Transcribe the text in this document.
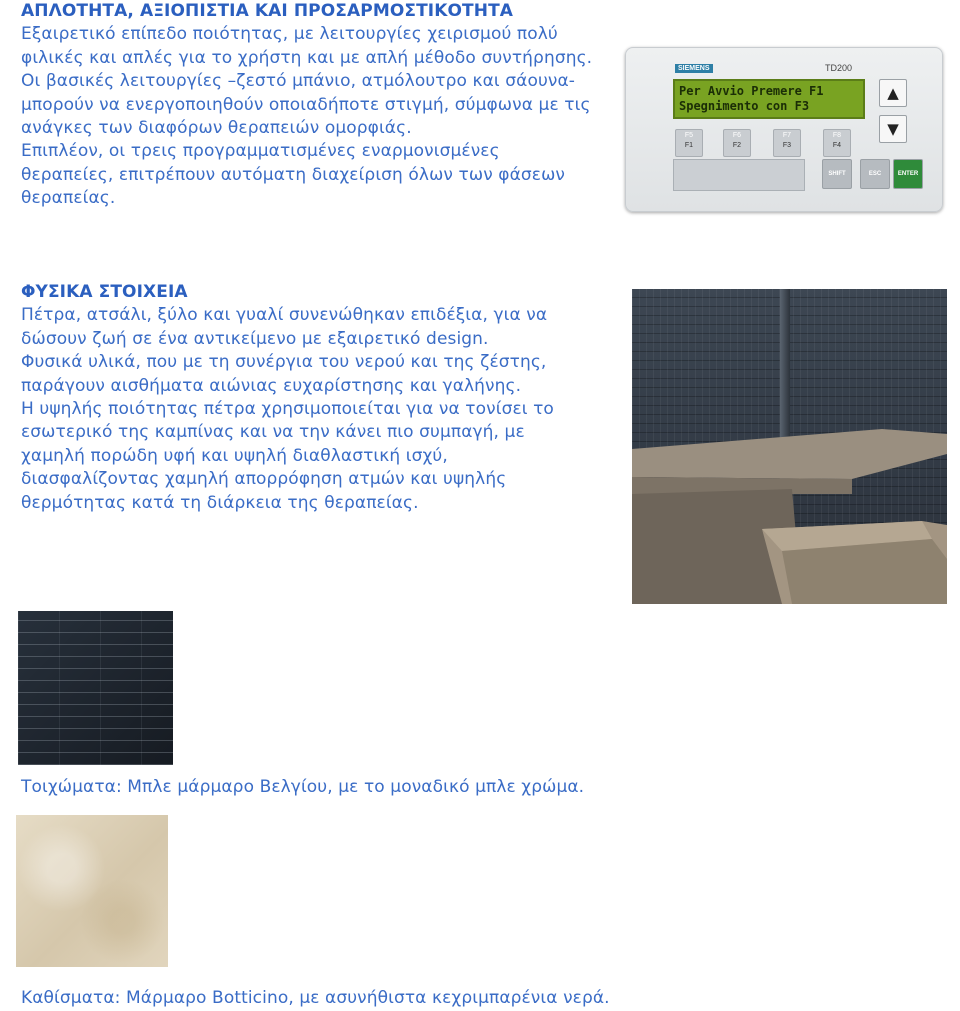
ΑΠΛΟΤΗΤΑ, ΑΞΙΟΠΙΣΤΙΑ ΚΑΙ ΠΡΟΣΑΡΜΟΣΤΙΚΟΤΗΤΑ

Εξαιρετικό επίπεδο ποιότητας, με λειτουργίες χειρισμού πολύ φιλικές και απλές για το χρήστη και με απλή μέθοδο συντήρησης.

Οι βασικές λειτουργίες –ζεστό μπάνιο, ατμόλουτρο και σάουνα- μπορούν να ενεργοποιηθούν οποιαδήποτε στιγμή, σύμφωνα με τις ανάγκες των διαφόρων θεραπειών ομορφιάς.

Επιπλέον, οι τρεις προγραμματισμένες εναρμονισμένες θεραπείες, επιτρέπουν αυτόματη διαχείριση όλων των φάσεων θεραπείας.

SIEMENS	TD200
Per Avvio Premere F1
Spegnimento con F3
F5
F1
F6
F2
F7
F3
F8
F4
▲
▼
SHIFT	ESC	ENTER

ΦΥΣΙΚΑ ΣΤΟΙΧΕΙΑ

Πέτρα, ατσάλι, ξύλο και γυαλί συνενώθηκαν επιδέξια, για να δώσουν ζωή σε ένα αντικείμενο με εξαιρετικό design.

Φυσικά υλικά, που με τη συνέργια του νερού και της ζέστης, παράγουν αισθήματα αιώνιας ευχαρίστησης και γαλήνης.

Η υψηλής ποιότητας πέτρα χρησιμοποιείται για να τονίσει το εσωτερικό της καμπίνας και να την κάνει πιο συμπαγή, με χαμηλή πορώδη υφή και υψηλή διαθλαστική ισχύ, διασφαλίζοντας χαμηλή απορρόφηση ατμών και υψηλής θερμότητας κατά τη διάρκεια της θεραπείας.

Τοιχώματα: Μπλε μάρμαρο Βελγίου, με το μοναδικό μπλε χρώμα.
Καθίσματα: Μάρμαρο Botticino, με ασυνήθιστα κεχριμπαρένια νερά.
